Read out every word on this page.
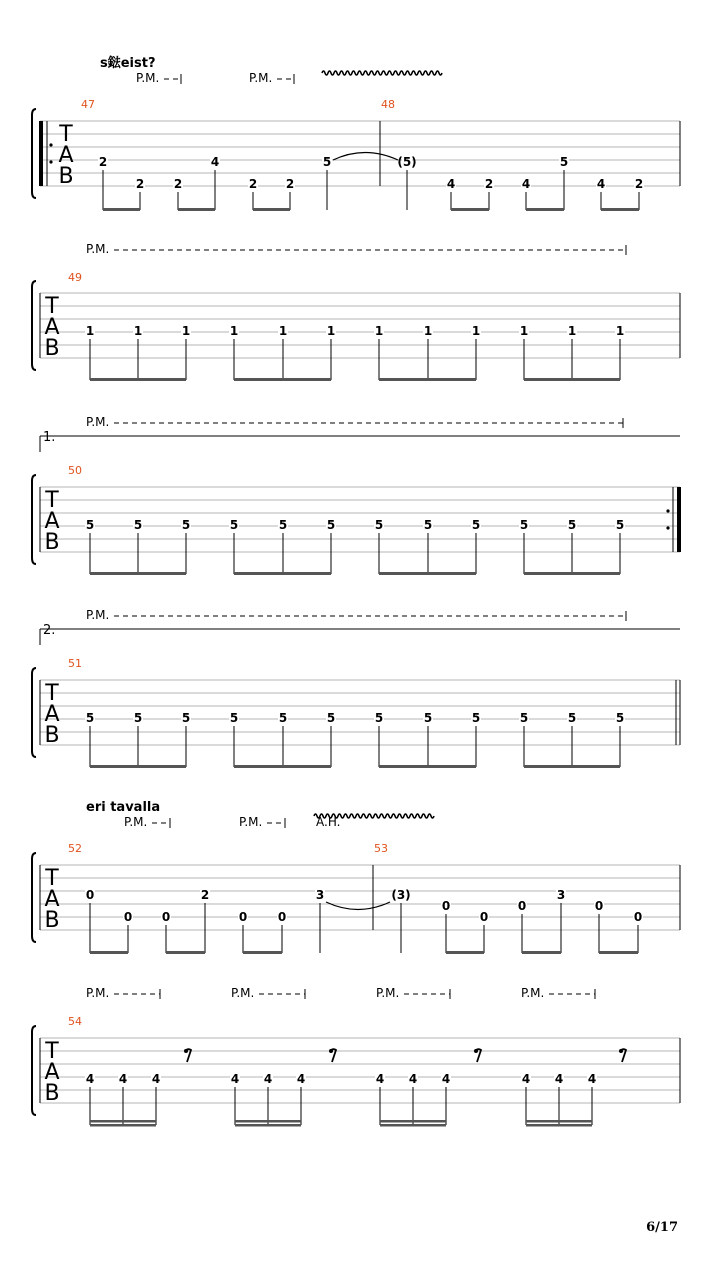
T
A
B
s鍅eist?
P.M.	P.M.
47	48
2
2 2
4
2 2
5	(5)
4 2 4
5
4 2
P.M.
T
A
B
49
1	1	1	1	1	1	1	1	1	1	1	1
1.
P.M.
T
A
B
50
5	5	5	5	5	5	5	5	5	5	5	5
2.
P.M.
T
A
B
51
5	5	5	5	5	5	5	5	5	5	5	5
T
A
B
eri tavalla
P.M.	P.M.	A.H.
52	53
0
0 0
2
0	0
3	(3)
0
0
0
3
0
0
T
A
B
54
P.M.	P.M.	P.M.	P.M.
4 4 4	4 4 4	4 4 4	4 4 4
6/17
